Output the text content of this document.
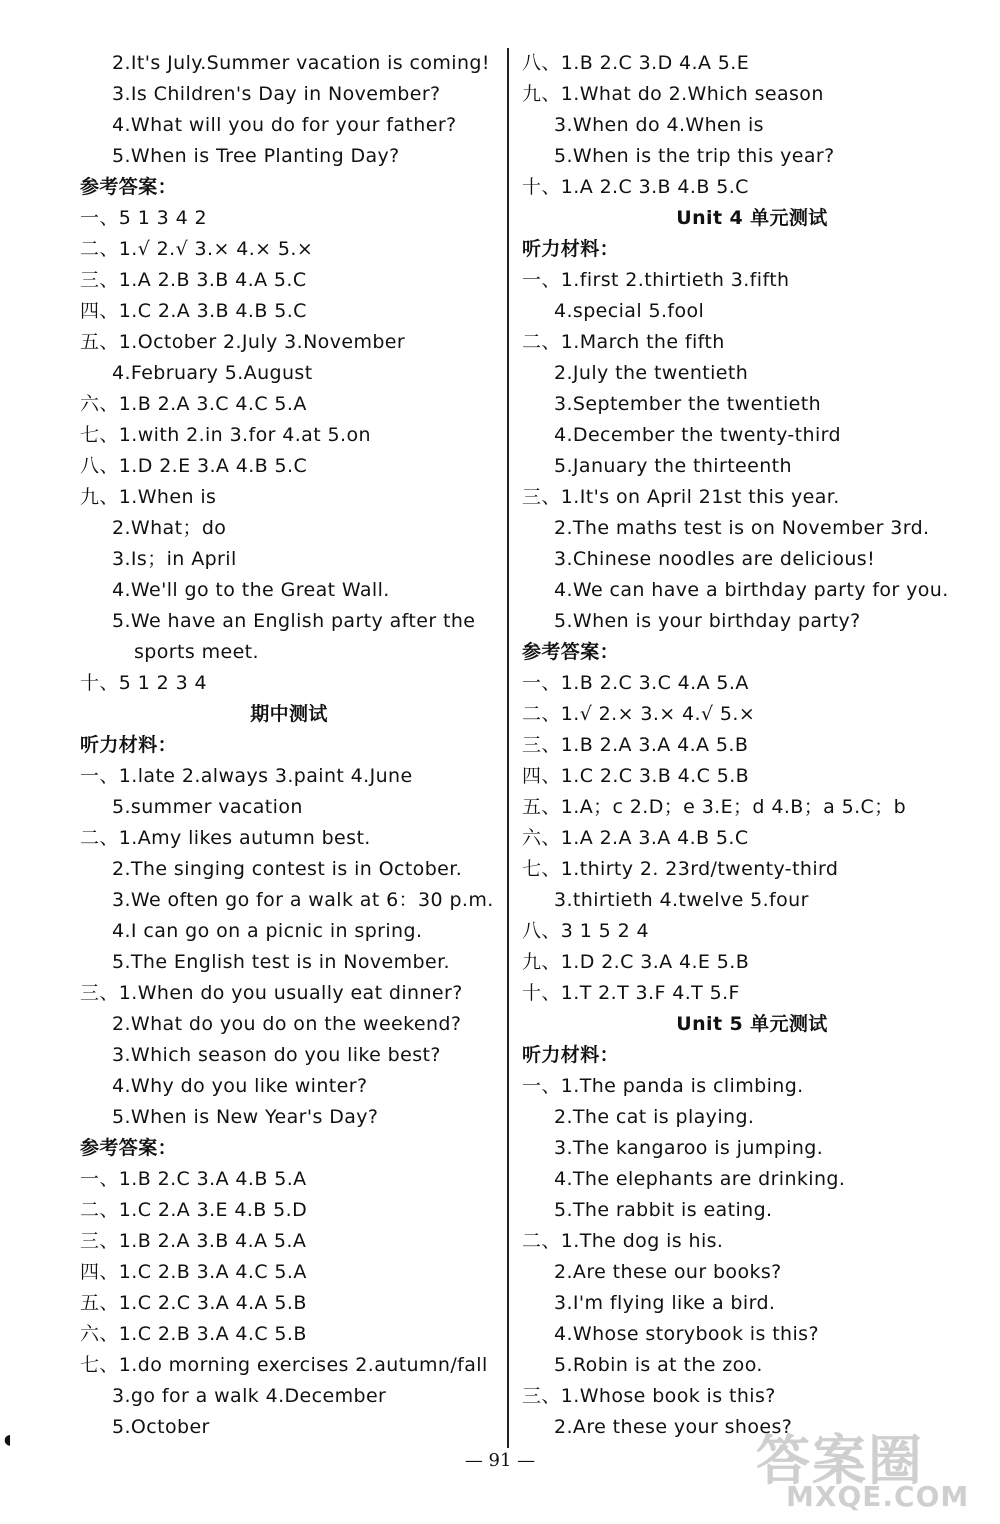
2.It's July.Summer vacation is coming!
3.Is Children's Day in November?
4.What will you do for your father?
5.When is Tree Planting Day?
参考答案：
一、5 1 3 4 2
二、1.√ 2.√ 3.× 4.× 5.×
三、1.A 2.B 3.B 4.A 5.C
四、1.C 2.A 3.B 4.B 5.C
五、1.October 2.July 3.November
4.February 5.August
六、1.B 2.A 3.C 4.C 5.A
七、1.with 2.in 3.for 4.at 5.on
八、1.D 2.E 3.A 4.B 5.C
九、1.When is
2.What；do
3.Is；in April
4.We'll go to the Great Wall.
5.We have an English party after the
sports meet.
十、5 1 2 3 4
期中测试
听力材料：
一、1.late 2.always 3.paint 4.June
5.summer vacation
二、1.Amy likes autumn best.
2.The singing contest is in October.
3.We often go for a walk at 6：30 p.m.
4.I can go on a picnic in spring.
5.The English test is in November.
三、1.When do you usually eat dinner?
2.What do you do on the weekend?
3.Which season do you like best?
4.Why do you like winter?
5.When is New Year's Day?
参考答案：
一、1.B 2.C 3.A 4.B 5.A
二、1.C 2.A 3.E 4.B 5.D
三、1.B 2.A 3.B 4.A 5.A
四、1.C 2.B 3.A 4.C 5.A
五、1.C 2.C 3.A 4.A 5.B
六、1.C 2.B 3.A 4.C 5.B
七、1.do morning exercises 2.autumn/fall
3.go for a walk 4.December
5.October
八、1.B 2.C 3.D 4.A 5.E
九、1.What do 2.Which season
3.When do 4.When is
5.When is the trip this year?
十、1.A 2.C 3.B 4.B 5.C
Unit 4 单元测试
听力材料：
一、1.first 2.thirtieth 3.fifth
4.special 5.fool
二、1.March the fifth
2.July the twentieth
3.September the twentieth
4.December the twenty-third
5.January the thirteenth
三、1.It's on April 21st this year.
2.The maths test is on November 3rd.
3.Chinese noodles are delicious!
4.We can have a birthday party for you.
5.When is your birthday party?
参考答案：
一、1.B 2.C 3.C 4.A 5.A
二、1.√ 2.× 3.× 4.√ 5.×
三、1.B 2.A 3.A 4.A 5.B
四、1.C 2.C 3.B 4.C 5.B
五、1.A；c 2.D；e 3.E；d 4.B；a 5.C；b
六、1.A 2.A 3.A 4.B 5.C
七、1.thirty 2. 23rd/twenty-third
3.thirtieth 4.twelve 5.four
八、3 1 5 2 4
九、1.D 2.C 3.A 4.E 5.B
十、1.T 2.T 3.F 4.T 5.F
Unit 5 单元测试
听力材料：
一、1.The panda is climbing.
2.The cat is playing.
3.The kangaroo is jumping.
4.The elephants are drinking.
5.The rabbit is eating.
二、1.The dog is his.
2.Are these our books?
3.I'm flying like a bird.
4.Whose storybook is this?
5.Robin is at the zoo.
三、1.Whose book is this?
2.Are these your shoes?
◖
— 91 —	答案圈
MXQE.COM
